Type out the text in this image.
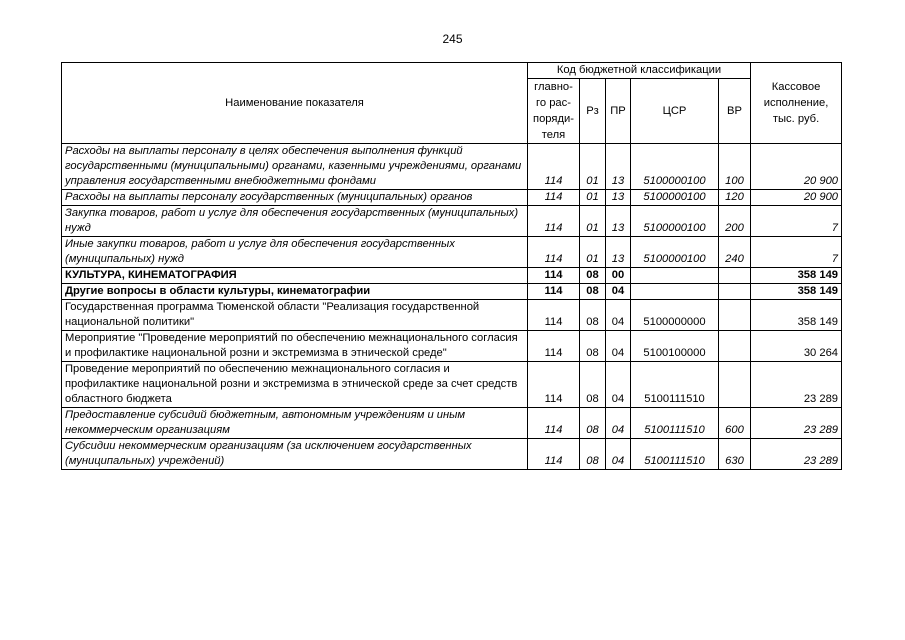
245
Наименование показателя	Код бюджетной классификации					Кассовое исполнение, тыс. руб.
	главно-го рас-поряди-теля	Рз	ПР	ЦСР	ВР	
Расходы на выплаты персоналу в целях обеспечения выполнения функций государственными (муниципальными) органами, казенными учреждениями, органами управления государственными внебюджетными фондами	114	01	13	5100000100	100	20 900
Расходы на выплаты персоналу государственных (муниципальных) органов	114	01	13	5100000100	120	20 900
Закупка товаров, работ и услуг для обеспечения государственных (муниципальных) нужд	114	01	13	5100000100	200	7
Иные закупки товаров, работ и услуг для обеспечения государственных (муниципальных) нужд	114	01	13	5100000100	240	7
КУЛЬТУРА, КИНЕМАТОГРАФИЯ	114	08	00			358 149
Другие вопросы в области культуры, кинематографии	114	08	04			358 149
Государственная программа Тюменской области "Реализация государственной национальной политики"	114	08	04	5100000000		358 149
Мероприятие "Проведение мероприятий по обеспечению межнационального согласия и профилактике национальной розни и экстремизма в этнической среде"	114	08	04	5100100000		30 264
Проведение мероприятий по обеспечению межнационального согласия и профилактике национальной розни и экстремизма в этнической среде за счет средств областного бюджета	114	08	04	5100111510		23 289
Предоставление субсидий бюджетным, автономным учреждениям и иным некоммерческим организациям	114	08	04	5100111510	600	23 289
Субсидии некоммерческим организациям (за исключением государственных (муниципальных) учреждений)	114	08	04	5100111510	630	23 289
